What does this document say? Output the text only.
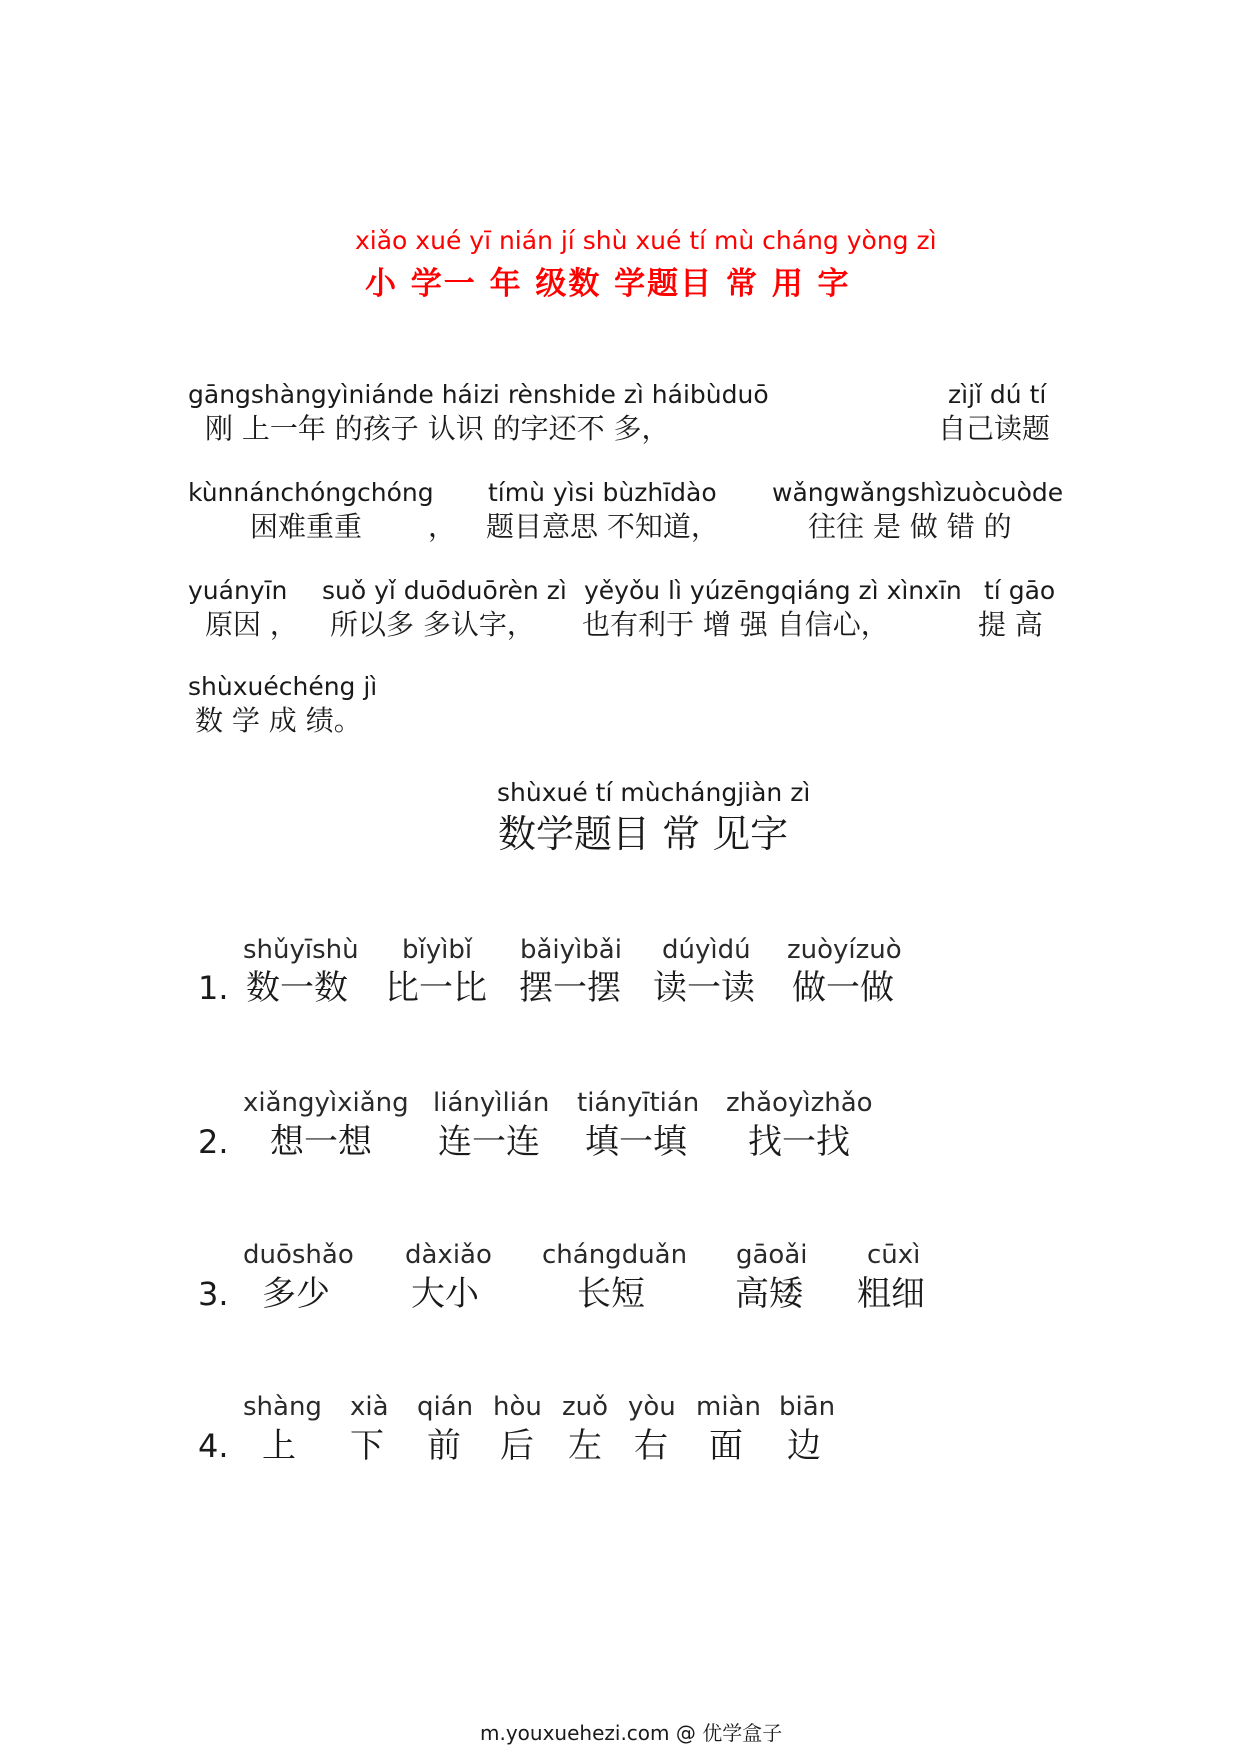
xiǎo xué yī nián jí shù xué tí mù cháng yòng zì
小 学一 年 级数 学题目 常 用 字
gāngshàngyìniánde háizi rènshide zì háibùduō	zìjǐ dú tí
刚 上一年 的孩子 认识 的字还不 多，	自己读题
kùnnánchóngchóng tímù yìsi bùzhīdào wǎngwǎngshìzuòcuòde
困难重重 ， 题目意思 不知道，	往往 是 做 错 的
yuányīn suǒ yǐ duōduōrèn zì yěyǒu lì yúzēngqiáng zì xìnxīn tí gāo
原因 ， 所以多 多认字， 也有利于 增 强 自信心，	提 高
shùxuéchéng jì
数 学 成 绩。
shùxué tí mùchángjiàn zì
数学题目 常 见字
1.
shǔyīshù
数一数
bǐyìbǐ
比一比
bǎiyìbǎi
摆一摆
dúyìdú
读一读
zuòyízuò
做一做
2.
xiǎngyìxiǎng
想一想
liányìlián
连一连
tiányītián
填一填
zhǎoyìzhǎo
找一找
3.
duōshǎo
多少
dàxiǎo
大小
chángduǎn
长短
gāoǎi
高矮
cūxì
粗细
4.
shàng
上
xià
下
qián
前
hòu
后
zuǒ
左
yòu
右
miàn
面
biān
边
m.youxuehezi.com @ 优学盒子
